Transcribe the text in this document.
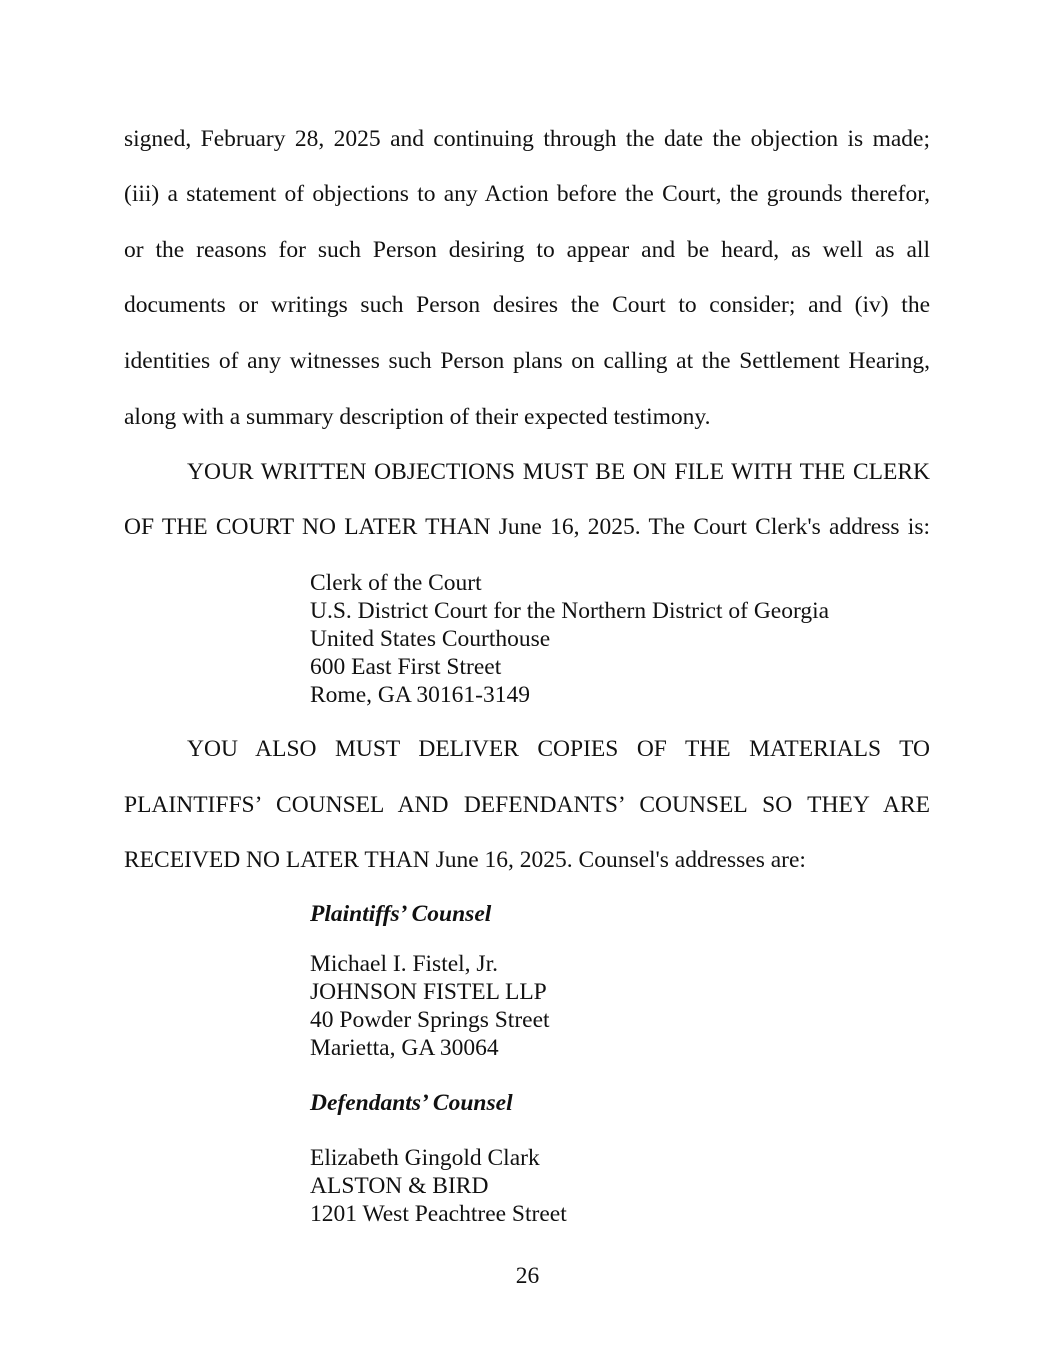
signed, February 28, 2025 and continuing through the date the objection is made;
(iii) a statement of objections to any Action before the Court, the grounds therefor,
or the reasons for such Person desiring to appear and be heard, as well as all
documents or writings such Person desires the Court to consider; and (iv) the
identities of any witnesses such Person plans on calling at the Settlement Hearing,
along with a summary description of their expected testimony.
YOUR WRITTEN OBJECTIONS MUST BE ON FILE WITH THE CLERK
OF THE COURT NO LATER THAN June 16, 2025. The Court Clerk's address is:
Clerk of the Court
U.S. District Court for the Northern District of Georgia
United States Courthouse
600 East First Street
Rome, GA 30161-3149
YOU ALSO MUST DELIVER COPIES OF THE MATERIALS TO
PLAINTIFFS’ COUNSEL AND DEFENDANTS’ COUNSEL SO THEY ARE
RECEIVED NO LATER THAN June 16, 2025. Counsel's addresses are:
Plaintiffs’ Counsel
Michael I. Fistel, Jr.
JOHNSON FISTEL LLP
40 Powder Springs Street
Marietta, GA 30064
Defendants’ Counsel
Elizabeth Gingold Clark
ALSTON & BIRD
1201 West Peachtree Street
26
